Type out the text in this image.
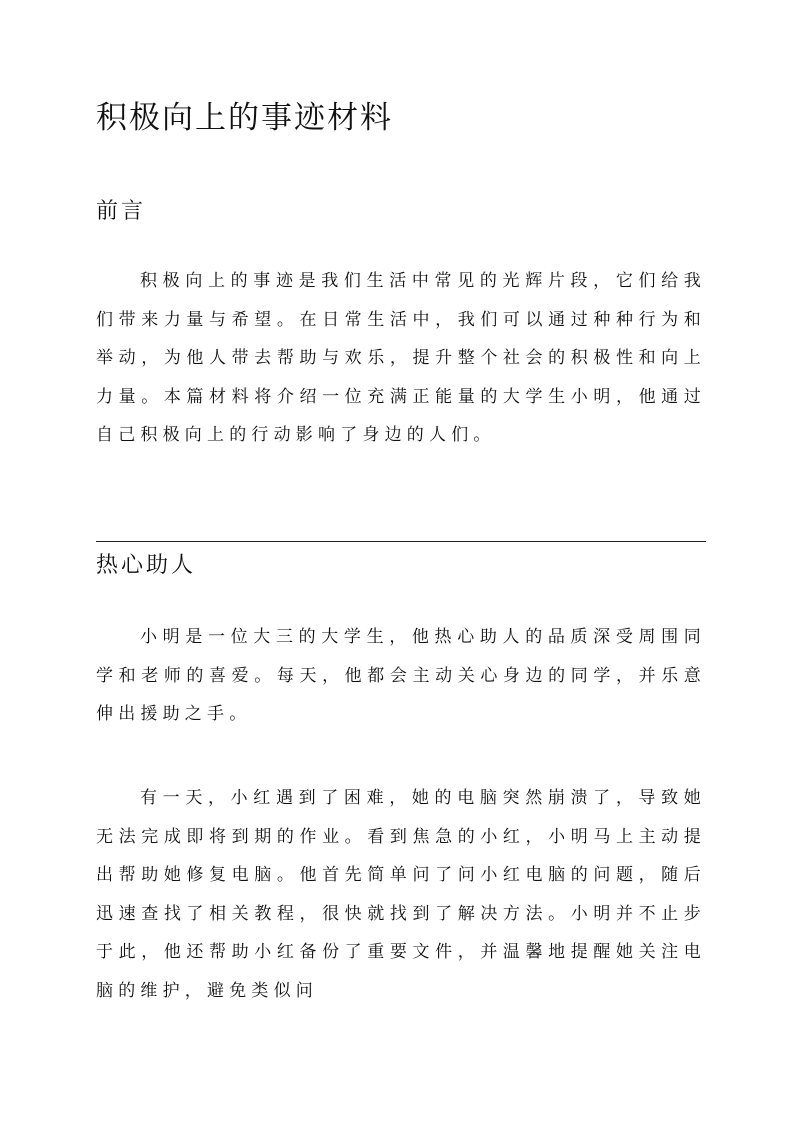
积极向上的事迹材料
前言

积极向上的事迹是我们生活中常见的光辉片段，它们给我们带来力量与希望。在日常生活中，我们可以通过种种行为和举动，为他人带去帮助与欢乐，提升整个社会的积极性和向上力量。本篇材料将介绍一位充满正能量的大学生小明，他通过自己积极向上的行动影响了身边的人们。

热心助人

小明是一位大三的大学生，他热心助人的品质深受周围同学和老师的喜爱。每天，他都会主动关心身边的同学，并乐意伸出援助之手。

有一天，小红遇到了困难，她的电脑突然崩溃了，导致她无法完成即将到期的作业。看到焦急的小红，小明马上主动提出帮助她修复电脑。他首先简单问了问小红电脑的问题，随后迅速查找了相关教程，很快就找到了解决方法。小明并不止步于此，他还帮助小红备份了重要文件，并温馨地提醒她关注电脑的维护，避免类似问
